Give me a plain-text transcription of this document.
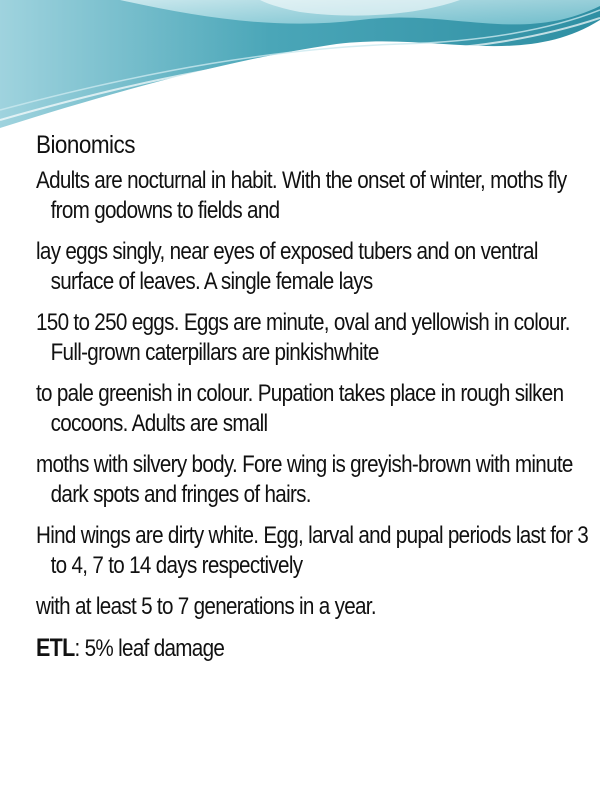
Bionomics
Adults are nocturnal in habit. With the onset of winter, moths fly from godowns to fields and
lay eggs singly, near eyes of exposed tubers and on ventral surface of leaves. A single female lays
150 to 250 eggs. Eggs are minute, oval and yellowish in colour. Full-grown caterpillars are pinkishwhite
to pale greenish in colour. Pupation takes place in rough silken cocoons. Adults are small
moths with silvery body. Fore wing is greyish-brown with minute dark spots and fringes of hairs.
Hind wings are dirty white. Egg, larval and pupal periods last for 3 to 4, 7 to 14 days respectively
with at least 5 to 7 generations in a year.
ETL: 5% leaf damage
